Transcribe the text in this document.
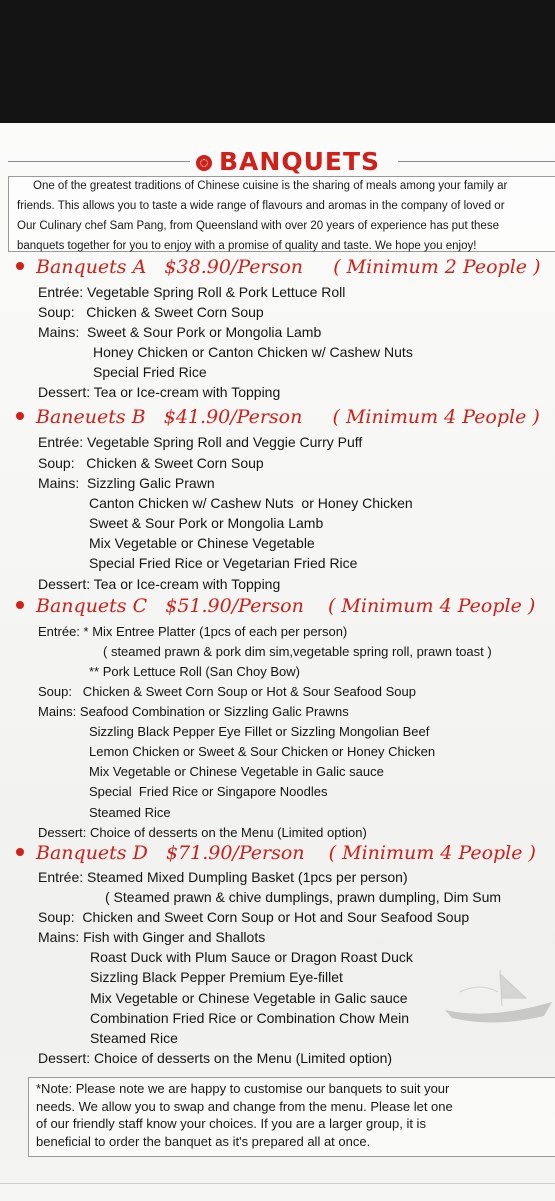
BANQUETS
One of the greatest traditions of Chinese cuisine is the sharing of meals among your family ar
friends. This allows you to taste a wide range of flavours and aromas in the company of loved or
Our Culinary chef Sam Pang, from Queensland with over 20 years of experience has put these
banquets together for you to enjoy with a promise of quality and taste. We hope you enjoy!
Banquets A   $38.90/Person     ( Minimum 2 People )
Entrée: Vegetable Spring Roll & Pork Lettuce Roll
Soup:   Chicken & Sweet Corn Soup
Mains:  Sweet & Sour Pork or Mongolia Lamb
Honey Chicken or Canton Chicken w/ Cashew Nuts
Special Fried Rice
Dessert: Tea or Ice-cream with Topping
Baneuets B   $41.90/Person     ( Minimum 4 People )
Entrée: Vegetable Spring Roll and Veggie Curry Puff
Soup:   Chicken & Sweet Corn Soup
Mains:  Sizzling Galic Prawn
Canton Chicken w/ Cashew Nuts  or Honey Chicken
Sweet & Sour Pork or Mongolia Lamb
Mix Vegetable or Chinese Vegetable
Special Fried Rice or Vegetarian Fried Rice
Dessert: Tea or Ice-cream with Topping
Banquets C   $51.90/Person    ( Minimum 4 People )
Entrée: * Mix Entree Platter (1pcs of each per person)
( steamed prawn & pork dim sim,vegetable spring roll, prawn toast )
** Pork Lettuce Roll (San Choy Bow)
Soup:   Chicken & Sweet Corn Soup or Hot & Sour Seafood Soup
Mains: Seafood Combination or Sizzling Galic Prawns
Sizzling Black Pepper Eye Fillet or Sizzling Mongolian Beef
Lemon Chicken or Sweet & Sour Chicken or Honey Chicken
Mix Vegetable or Chinese Vegetable in Galic sauce
Special  Fried Rice or Singapore Noodles
Steamed Rice
Dessert: Choice of desserts on the Menu (Limited option)
Banquets D   $71.90/Person    ( Minimum 4 People )
Entrée: Steamed Mixed Dumpling Basket (1pcs per person)
( Steamed prawn & chive dumplings, prawn dumpling, Dim Sum
Soup:  Chicken and Sweet Corn Soup or Hot and Sour Seafood Soup
Mains: Fish with Ginger and Shallots
Roast Duck with Plum Sauce or Dragon Roast Duck
Sizzling Black Pepper Premium Eye-fillet
Mix Vegetable or Chinese Vegetable in Galic sauce
Combination Fried Rice or Combination Chow Mein
Steamed Rice
Dessert: Choice of desserts on the Menu (Limited option)
*Note: Please note we are happy to customise our banquets to suit your
needs. We allow you to swap and change from the menu. Please let one
of our friendly staff know your choices. If you are a larger group, it is
beneficial to order the banquet as it's prepared all at once.
